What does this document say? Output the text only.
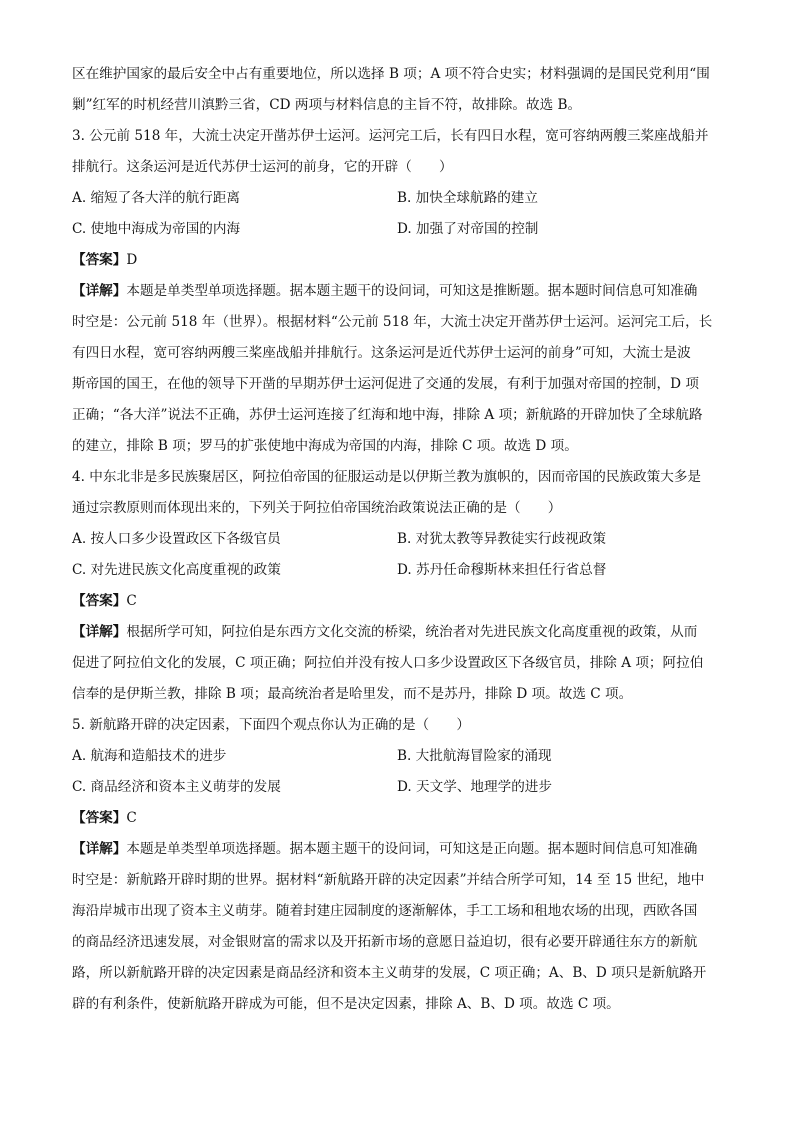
区在维护国家的最后安全中占有重要地位，所以选择 B 项；A 项不符合史实；材料强调的是国民党利用“围

剿”红军的时机经营川滇黔三省，CD 两项与材料信息的主旨不符，故排除。故选 B。

3. 公元前 518 年，大流士决定开凿苏伊士运河。运河完工后，长有四日水程，宽可容纳两艘三桨座战船并

排航行。这条运河是近代苏伊士运河的前身，它的开辟（　　）

A. 缩短了各大洋的航行距离	B. 加快全球航路的建立
C. 使地中海成为帝国的内海	D. 加强了对帝国的控制
【答案】D

【详解】本题是单类型单项选择题。据本题主题干的设问词，可知这是推断题。据本题时间信息可知准确

时空是：公元前 518 年（世界）。根据材料“公元前 518 年，大流士决定开凿苏伊士运河。运河完工后，长

有四日水程，宽可容纳两艘三桨座战船并排航行。这条运河是近代苏伊士运河的前身”可知，大流士是波

斯帝国的国王，在他的领导下开凿的早期苏伊士运河促进了交通的发展，有利于加强对帝国的控制，D 项

正确；“各大洋”说法不正确，苏伊士运河连接了红海和地中海，排除 A 项；新航路的开辟加快了全球航路

的建立，排除 B 项；罗马的扩张使地中海成为帝国的内海，排除 C 项。故选 D 项。

4. 中东北非是多民族聚居区，阿拉伯帝国的征服运动是以伊斯兰教为旗帜的，因而帝国的民族政策大多是

通过宗教原则而体现出来的，下列关于阿拉伯帝国统治政策说法正确的是（　　）

A. 按人口多少设置政区下各级官员	B. 对犹太教等异教徒实行歧视政策
C. 对先进民族文化高度重视的政策	D. 苏丹任命穆斯林来担任行省总督
【答案】C

【详解】根据所学可知，阿拉伯是东西方文化交流的桥梁，统治者对先进民族文化高度重视的政策，从而

促进了阿拉伯文化的发展，C 项正确；阿拉伯并没有按人口多少设置政区下各级官员，排除 A 项；阿拉伯

信奉的是伊斯兰教，排除 B 项；最高统治者是哈里发，而不是苏丹，排除 D 项。故选 C 项。

5. 新航路开辟的决定因素，下面四个观点你认为正确的是（　　）

A. 航海和造船技术的进步	B. 大批航海冒险家的涌现
C. 商品经济和资本主义萌芽的发展	D. 天文学、地理学的进步
【答案】C

【详解】本题是单类型单项选择题。据本题主题干的设问词，可知这是正向题。据本题时间信息可知准确

时空是：新航路开辟时期的世界。据材料“新航路开辟的决定因素”并结合所学可知，14 至 15 世纪，地中

海沿岸城市出现了资本主义萌芽。随着封建庄园制度的逐渐解体，手工工场和租地农场的出现，西欧各国

的商品经济迅速发展，对金银财富的需求以及开拓新市场的意愿日益迫切，很有必要开辟通往东方的新航

路，所以新航路开辟的决定因素是商品经济和资本主义萌芽的发展，C 项正确；A、B、D 项只是新航路开

辟的有利条件，使新航路开辟成为可能，但不是决定因素，排除 A、B、D 项。故选 C 项。
